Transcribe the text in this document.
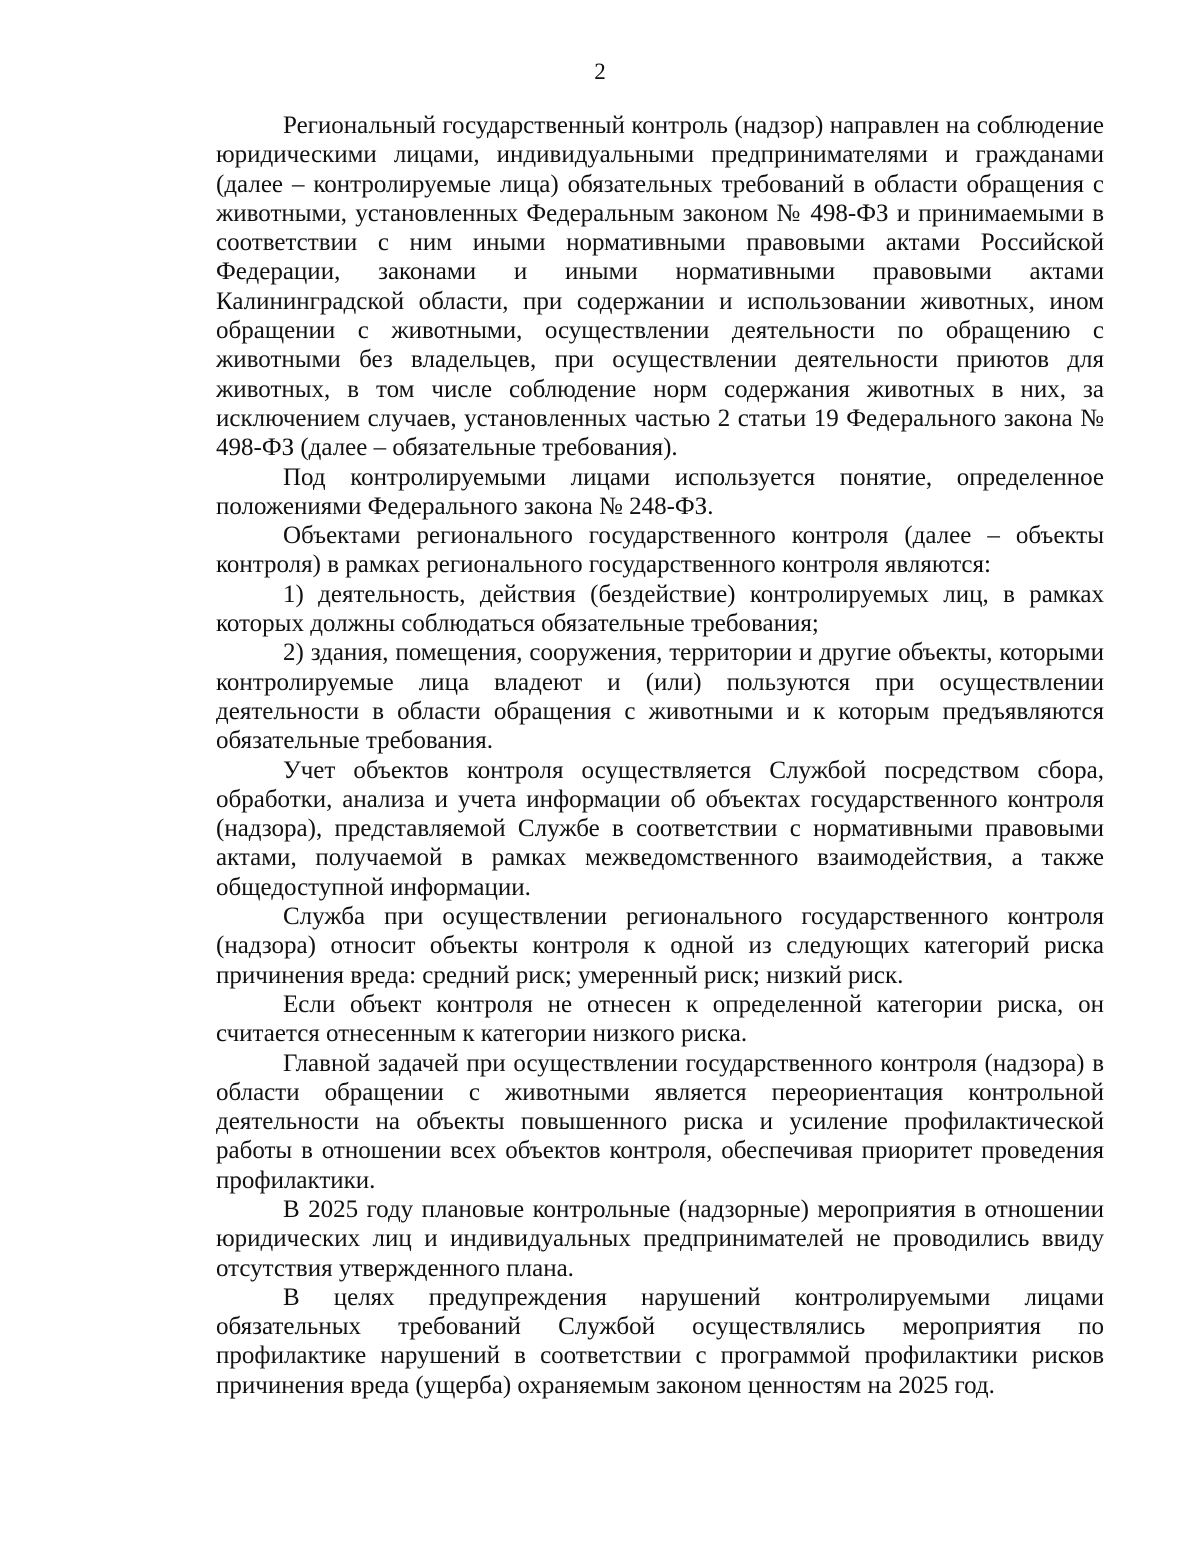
2

Региональный государственный контроль (надзор) направлен на соблюдение юридическими лицами, индивидуальными предпринимателями и гражданами (далее – контролируемые лица) обязательных требований в области обращения с животными, установленных Федеральным законом № 498-ФЗ и принимаемыми в соответствии с ним иными нормативными правовыми актами Российской Федерации, законами и иными нормативными правовыми актами Калининградской области, при содержании и использовании животных, ином обращении с животными, осуществлении деятельности по обращению с животными без владельцев, при осуществлении деятельности приютов для животных, в том числе соблюдение норм содержания животных в них, за исключением случаев, установленных частью 2 статьи 19 Федерального закона № 498-ФЗ (далее – обязательные требования).

Под контролируемыми лицами используется понятие, определенное положениями Федерального закона № 248-ФЗ.

Объектами регионального государственного контроля (далее – объекты контроля) в рамках регионального государственного контроля являются:

1) деятельность, действия (бездействие) контролируемых лиц, в рамках которых должны соблюдаться обязательные требования;

2) здания, помещения, сооружения, территории и другие объекты, которыми контролируемые лица владеют и (или) пользуются при осуществлении деятельности в области обращения с животными и к которым предъявляются обязательные требования.

Учет объектов контроля осуществляется Службой посредством сбора, обработки, анализа и учета информации об объектах государственного контроля (надзора), представляемой Службе в соответствии с нормативными правовыми актами, получаемой в рамках межведомственного взаимодействия, а также общедоступной информации.

Служба при осуществлении регионального государственного контроля (надзора) относит объекты контроля к одной из следующих категорий риска причинения вреда: средний риск; умеренный риск; низкий риск.

Если объект контроля не отнесен к определенной категории риска, он считается отнесенным к категории низкого риска.

Главной задачей при осуществлении государственного контроля (надзора) в области обращении с животными является переориентация контрольной деятельности на объекты повышенного риска и усиление профилактической работы в отношении всех объектов контроля, обеспечивая приоритет проведения профилактики.

В 2025 году плановые контрольные (надзорные) мероприятия в отношении юридических лиц и индивидуальных предпринимателей не проводились ввиду отсутствия утвержденного плана.

В целях предупреждения нарушений контролируемыми лицами обязательных требований Службой осуществлялись мероприятия по профилактике нарушений в соответствии с программой профилактики рисков причинения вреда (ущерба) охраняемым законом ценностям на 2025 год.
